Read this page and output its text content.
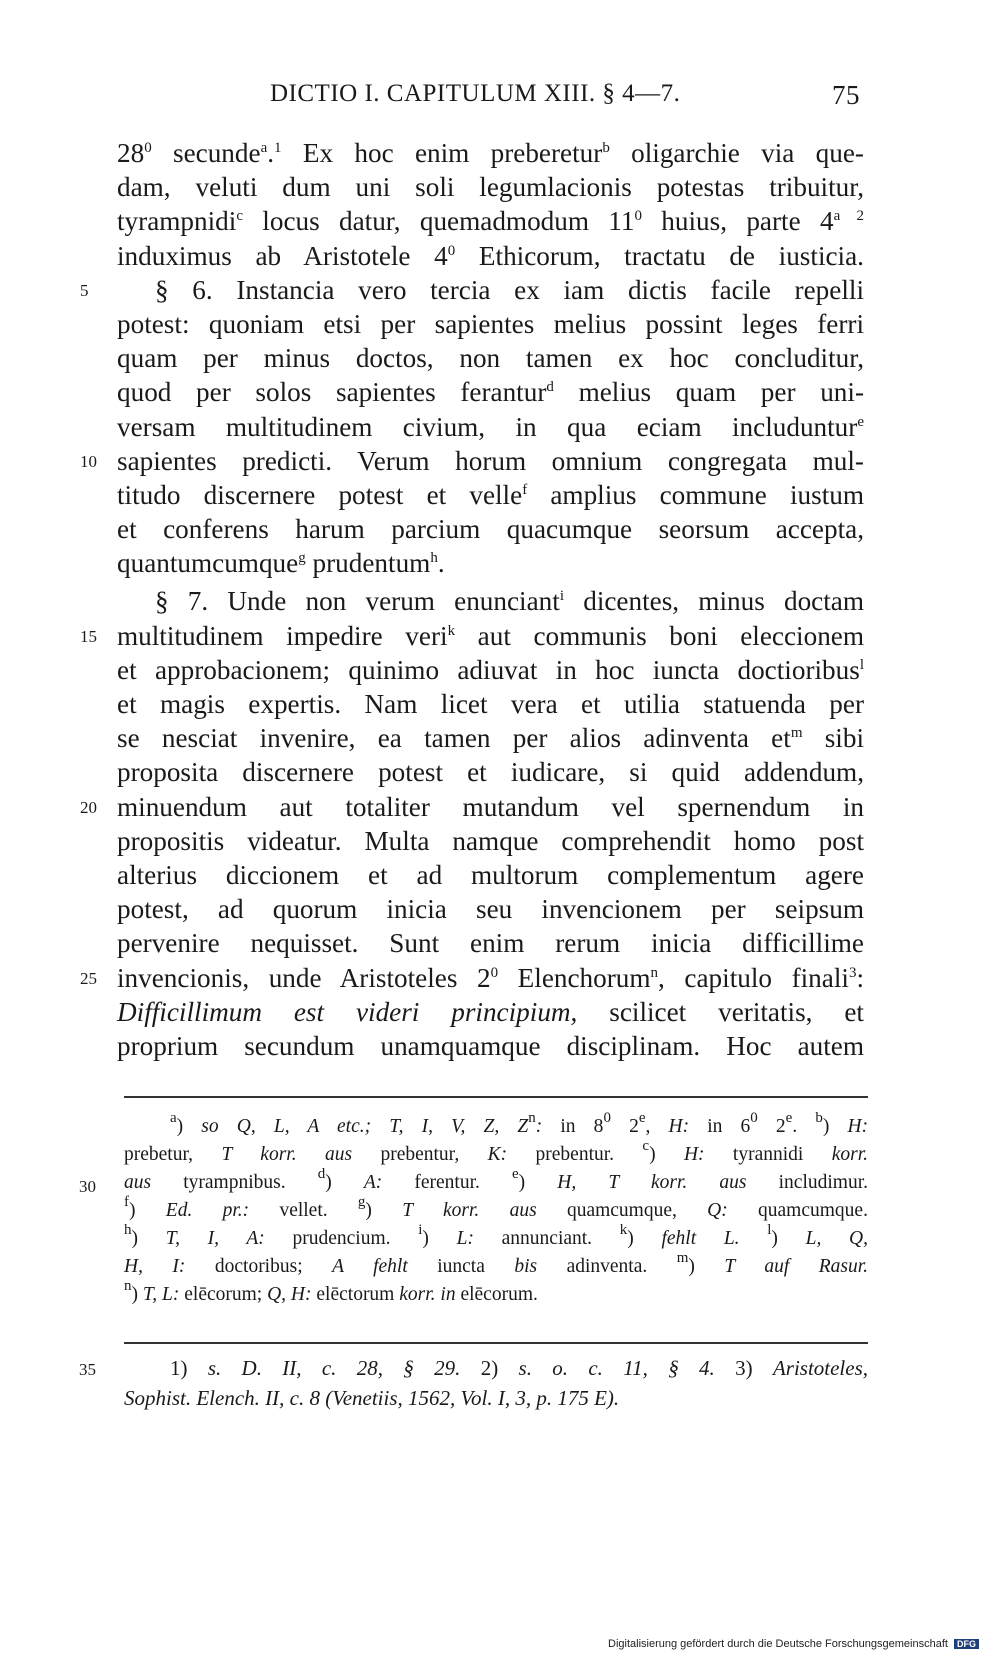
DICTIO I. CAPITULUM XIII. § 4—7.	75
$28^0$ secunde$^a$.$^1$ Ex hoc enim preberetur$^b$ oligarchie via que-
dam, veluti dum uni soli legumlacionis potestas tribuitur,
tyrampnidi$^c$ locus datur, quemadmodum $11^0$ huius, parte $4^{a 2}$
induximus ab Aristotele $4^0$ Ethicorum, tractatu de iusticia.
5 § 6. Instancia vero tercia ex iam dictis facile repelli
potest: quoniam etsi per sapientes melius possint leges ferri
quam per minus doctos, non tamen ex hoc concluditur,
quod per solos sapientes ferantur$^d$ melius quam per uni-
versam multitudinem civium, in qua eciam includuntur$^e$
10 sapientes predicti. Verum horum omnium congregata mul-
titudo discernere potest et velle$^f$ amplius commune iustum
et conferens harum parcium quacumque seorsum accepta,
quantumcumque$^g$ prudentum$^h$.
§ 7. Unde non verum enunciant$^i$ dicentes, minus doctam
15 multitudinem impedire veri$^k$ aut communis boni eleccionem
et approbacionem; quinimo adiuvat in hoc iuncta doctioribus$^l$
et magis expertis. Nam licet vera et utilia statuenda per
se nesciat invenire, ea tamen per alios adinventa $et^m$ sibi
proposita discernere potest et iudicare, si quid addendum,
20 minuendum aut totaliter mutandum vel spernendum in
propositis videatur. Multa namque comprehendit homo post
alterius diccionem et ad multorum complementum agere
potest, ad quorum inicia seu invencionem per seipsum
pervenire nequisset. Sunt enim rerum inicia difficillime
25 invencionis, unde Aristoteles $2^0$ Elenchorum$^n$, capitulo finali$^3$:
Difficillimum est videri principium, scilicet veritatis, et
proprium secundum unamquamque disciplinam. Hoc autem
$^a$) so Q, L, A etc.; T, I, V, Z, $Z^n$: in $8^0$ 2e, H: in $6^0$ 2e. $^b$) H:
prebetur, T korr. aus prebentur, K: prebentur. $^c$) H: tyrannidi korr.
30 aus tyrampnibus. $^d$) A: ferentur. $^e$) H, T korr. aus includimur.
$^f$) Ed. pr.: vellet. $^g$) T korr. aus quamcumque, Q: quamcumque.
$^h$) T, I, A: prudencium. $^i$) L: annunciant. $^k$) fehlt L. $^l$) L, Q,
H, I: doctoribus; A fehlt iuncta bis adinventa. $^m$) T auf Rasur.
$^n$) T, L: elēcorum; Q, H: elēctorum korr. in elēcorum.
35	1) s. D. II, c. 28, § 29. 2) s. o. c. 11, § 4. 3) Aristoteles,
Sophist. Elench. II, c. 8 (Venetiis, 1562, Vol. I, 3, p. 175 E).
Digitalisierung gefördert durch die Deutsche Forschungsgemeinschaft DFG
